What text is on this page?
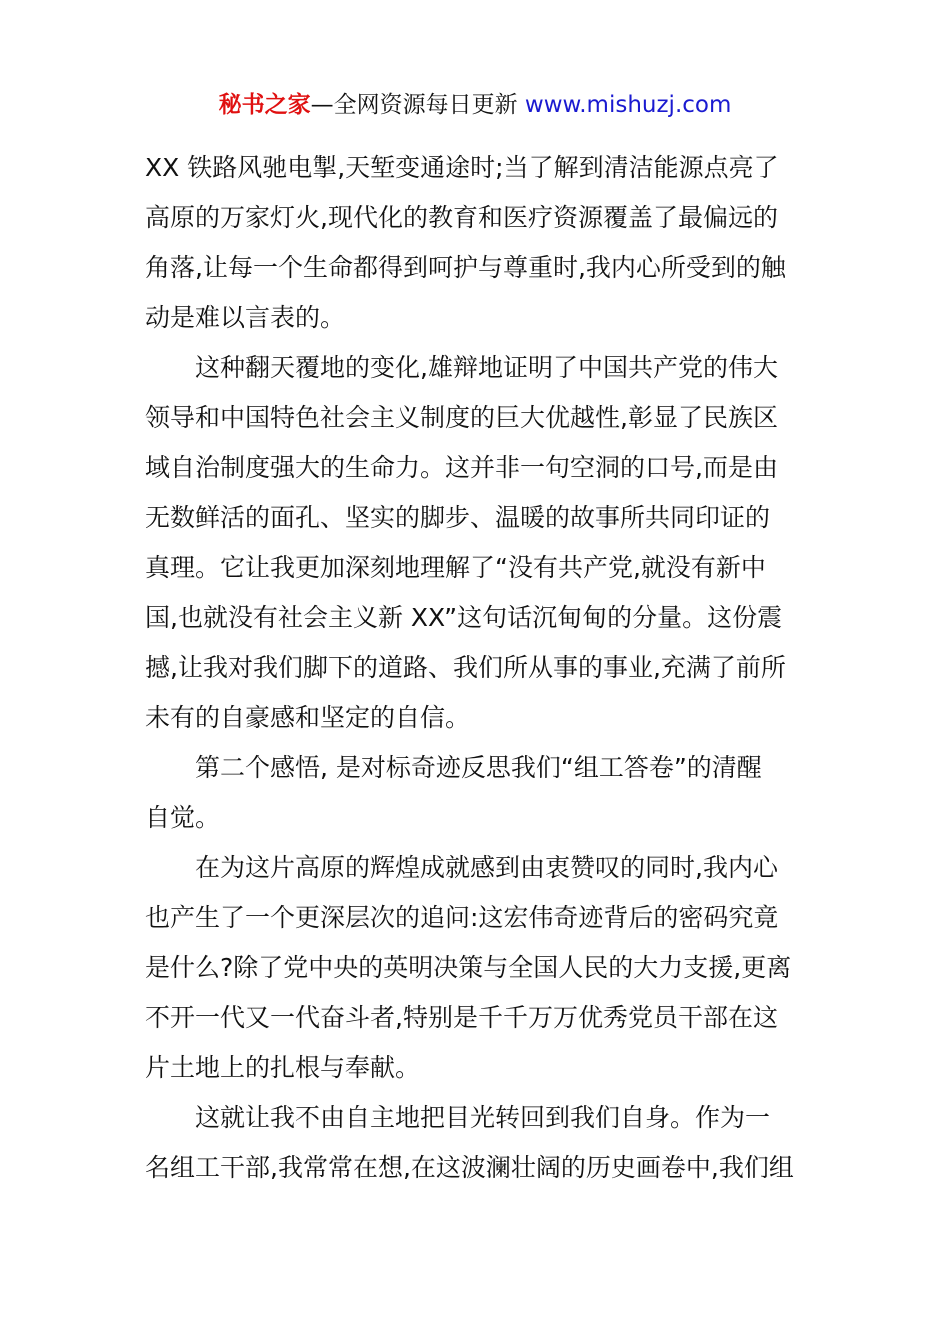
秘书之家—全网资源每日更新 www.mishuzj.com
XX 铁路风驰电掣,天堑变通途时;当了解到清洁能源点亮了
高原的万家灯火,现代化的教育和医疗资源覆盖了最偏远的
角落,让每一个生命都得到呵护与尊重时,我内心所受到的触
动是难以言表的。
这种翻天覆地的变化,雄辩地证明了中国共产党的伟大
领导和中国特色社会主义制度的巨大优越性,彰显了民族区
域自治制度强大的生命力。这并非一句空洞的口号,而是由
无数鲜活的面孔、坚实的脚步、温暖的故事所共同印证的
真理。它让我更加深刻地理解了“没有共产党,就没有新中
国,也就没有社会主义新 XX”这句话沉甸甸的分量。这份震
撼,让我对我们脚下的道路、我们所从事的事业,充满了前所
未有的自豪感和坚定的自信。
第二个感悟, 是对标奇迹反思我们“组工答卷”的清醒
自觉。
在为这片高原的辉煌成就感到由衷赞叹的同时,我内心
也产生了一个更深层次的追问:这宏伟奇迹背后的密码究竟
是什么?除了党中央的英明决策与全国人民的大力支援,更离
不开一代又一代奋斗者,特别是千千万万优秀党员干部在这
片土地上的扎根与奉献。
这就让我不由自主地把目光转回到我们自身。作为一
名组工干部,我常常在想,在这波澜壮阔的历史画卷中,我们组
